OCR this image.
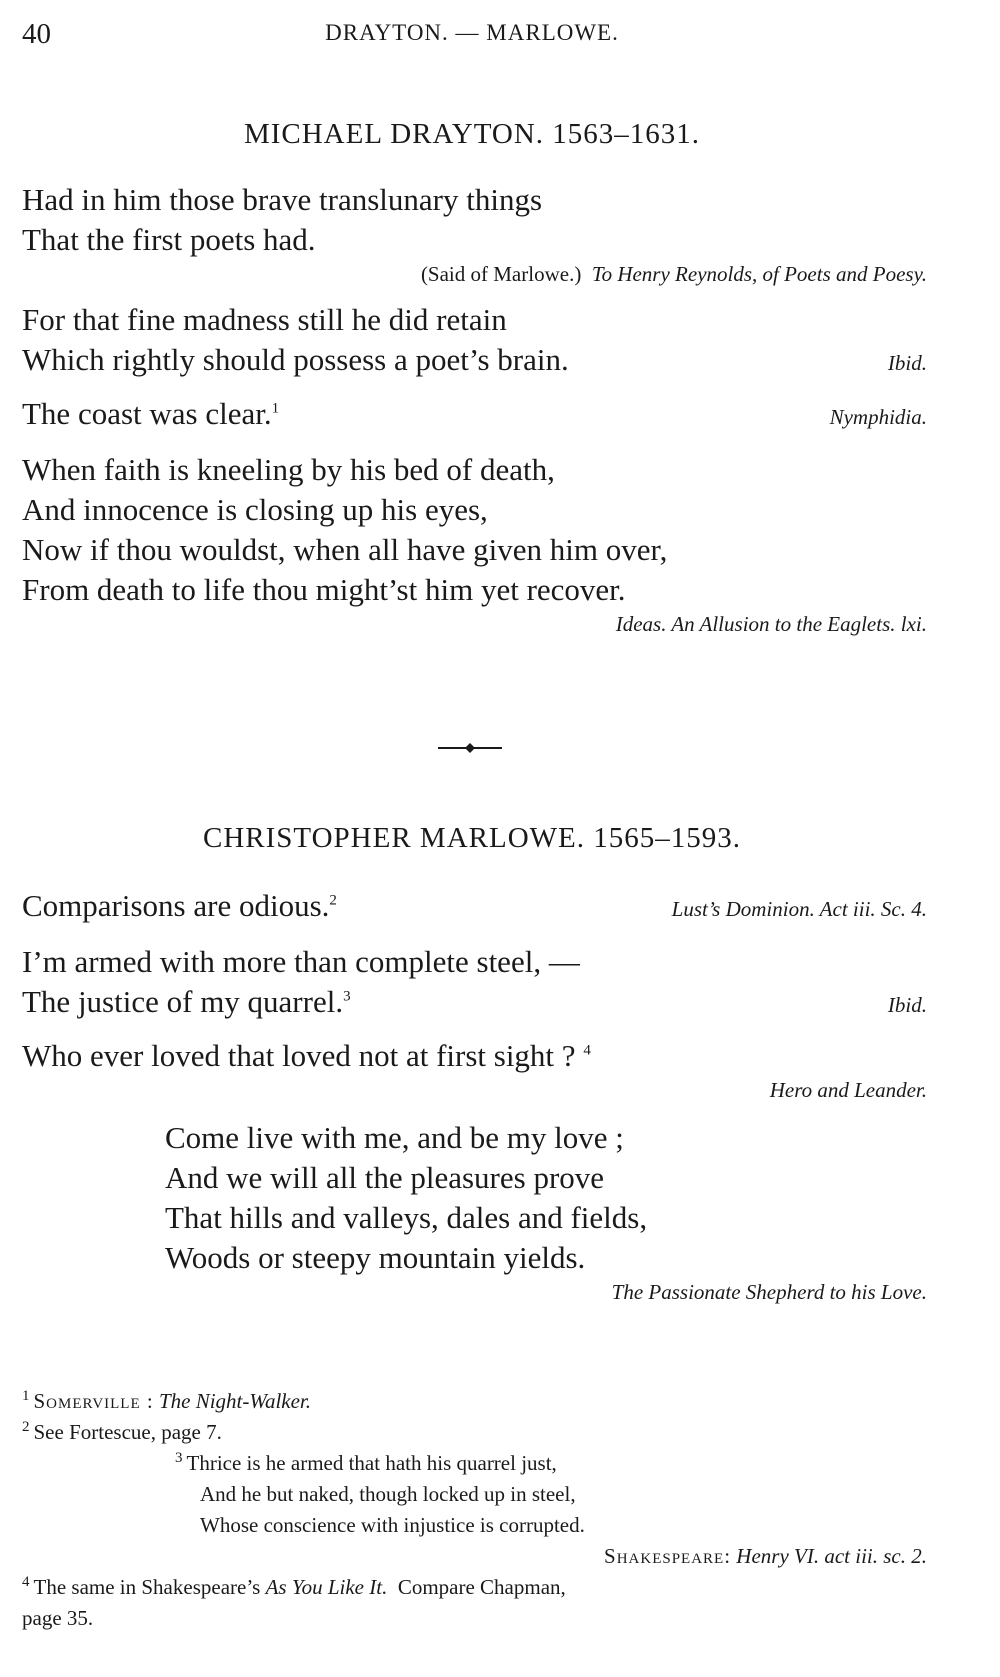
40	DRAYTON. — MARLOWE.
MICHAEL DRAYTON. 1563–1631.
Had in him those brave translunary things
That the first poets had.
(Said of Marlowe.) To Henry Reynolds, of Poets and Poesy.
For that fine madness still he did retain
Which rightly should possess a poet’s brain.	Ibid.
The coast was clear.$^1$	Nymphidia.
When faith is kneeling by his bed of death,
And innocence is closing up his eyes,
Now if thou wouldst, when all have given him over,
From death to life thou might’st him yet recover.
Ideas. An Allusion to the Eaglets. lxi.
CHRISTOPHER MARLOWE. 1565–1593.
Comparisons are odious.$^2$	Lust’s Dominion. Act iii. Sc. 4.
I’m armed with more than complete steel, —
The justice of my quarrel.$^3$	Ibid.
Who ever loved that loved not at first sight ? $^4$
Hero and Leander.
Come live with me, and be my love ;
And we will all the pleasures prove
That hills and valleys, dales and fields,
Woods or steepy mountain yields.
The Passionate Shepherd to his Love.
$^1$ Somerville : The Night-Walker.
$^2$ See Fortescue, page 7.
$^3$ Thrice is he armed that hath his quarrel just,
And he but naked, though locked up in steel,
Whose conscience with injustice is corrupted.
Shakespeare: Henry VI. act iii. sc. 2.
$^4$ The same in Shakespeare’s As You Like It. Compare Chapman,
page 35.
